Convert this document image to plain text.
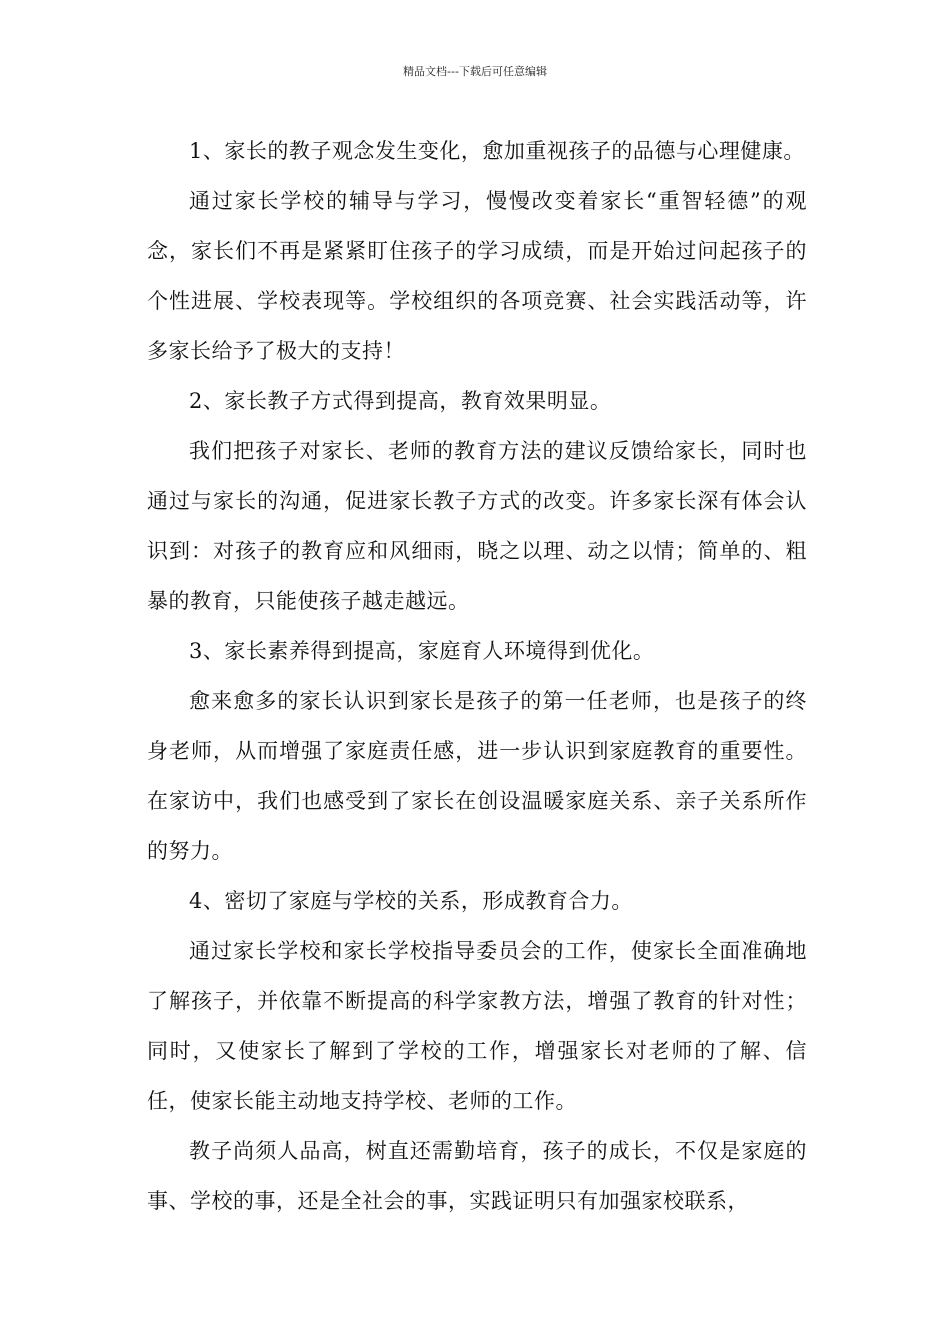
精品文档---下载后可任意编辑

1、家长的教子观念发生变化，愈加重视孩子的品德与心理健康。

通过家长学校的辅导与学习，慢慢改变着家长“重智轻德”的观念，家长们不再是紧紧盯住孩子的学习成绩，而是开始过问起孩子的个性进展、学校表现等。学校组织的各项竞赛、社会实践活动等，许多家长给予了极大的支持！

2、家长教子方式得到提高，教育效果明显。

我们把孩子对家长、老师的教育方法的建议反馈给家长，同时也通过与家长的沟通，促进家长教子方式的改变。许多家长深有体会认识到：对孩子的教育应和风细雨，晓之以理、动之以情；简单的、粗暴的教育，只能使孩子越走越远。

3、家长素养得到提高，家庭育人环境得到优化。

愈来愈多的家长认识到家长是孩子的第一任老师，也是孩子的终身老师，从而增强了家庭责任感，进一步认识到家庭教育的重要性。在家访中，我们也感受到了家长在创设温暖家庭关系、亲子关系所作的努力。

4、密切了家庭与学校的关系，形成教育合力。

通过家长学校和家长学校指导委员会的工作，使家长全面准确地了解孩子，并依靠不断提高的科学家教方法，增强了教育的针对性；同时，又使家长了解到了学校的工作，增强家长对老师的了解、信任，使家长能主动地支持学校、老师的工作。

教子尚须人品高，树直还需勤培育，孩子的成长，不仅是家庭的事、学校的事，还是全社会的事，实践证明只有加强家校联系，
